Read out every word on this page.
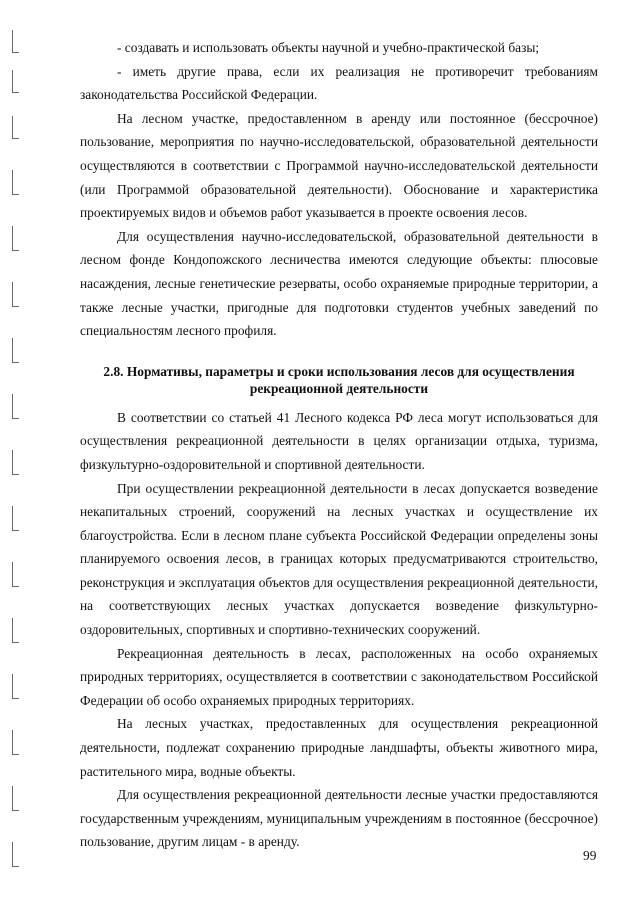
- создавать и использовать объекты научной и учебно-практической базы;

- иметь другие права, если их реализация не противоречит требованиям законодательства Российской Федерации.

На лесном участке, предоставленном в аренду или постоянное (бессрочное) пользование, мероприятия по научно-исследовательской, образовательной деятельности осуществляются в соответствии с Программой научно-исследовательской деятельности (или Программой образовательной деятельности). Обоснование и характеристика проектируемых видов и объемов работ указывается в проекте освоения лесов.

Для осуществления научно-исследовательской, образовательной деятельности в лесном фонде Кондопожского лесничества имеются следующие объекты: плюсовые насаждения, лесные генетические резерваты, особо охраняемые природные территории, а также лесные участки, пригодные для подготовки студентов учебных заведений по специальностям лесного профиля.

2.8. Нормативы, параметры и сроки использования лесов для осуществления
рекреационной деятельности

В соответствии со статьей 41 Лесного кодекса РФ леса могут использоваться для осуществления рекреационной деятельности в целях организации отдыха, туризма, физкультурно-оздоровительной и спортивной деятельности.

При осуществлении рекреационной деятельности в лесах допускается возведение некапитальных строений, сооружений на лесных участках и осуществление их благоустройства. Если в лесном плане субъекта Российской Федерации определены зоны планируемого освоения лесов, в границах которых предусматриваются строительство, реконструкция и эксплуатация объектов для осуществления рекреационной деятельности, на соответствующих лесных участках допускается возведение физкультурно-оздоровительных, спортивных и спортивно-технических сооружений.

Рекреационная деятельность в лесах, расположенных на особо охраняемых природных территориях, осуществляется в соответствии с законодательством Российской Федерации об особо охраняемых природных территориях.

На лесных участках, предоставленных для осуществления рекреационной деятельности, подлежат сохранению природные ландшафты, объекты животного мира, растительного мира, водные объекты.

Для осуществления рекреационной деятельности лесные участки предоставляются государственным учреждениям, муниципальным учреждениям в постоянное (бессрочное) пользование, другим лицам - в аренду.

99
